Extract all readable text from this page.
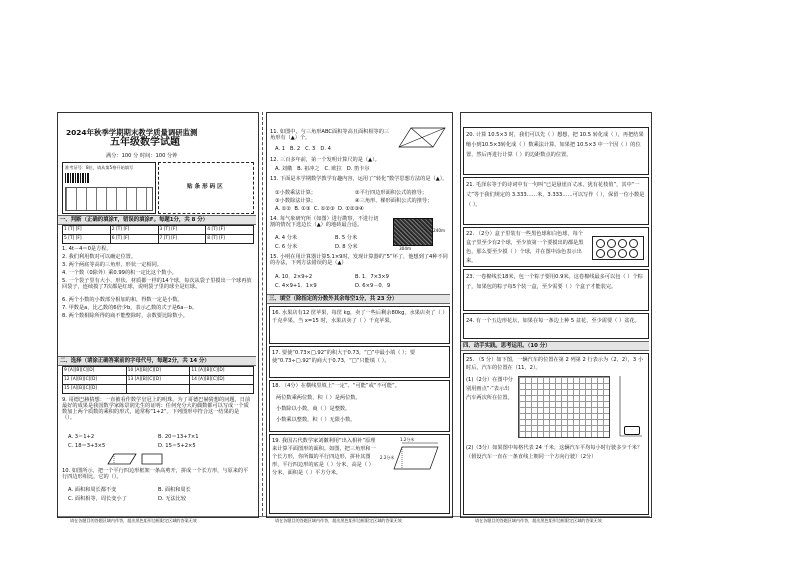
2024年秋季学期期末教学质量调研监测
五年级数学试题
满分：100 分 时间：100 分钟
准考证号：8位，请从第5格开始填写
贴 条 形 码 区
一、判断（正确的填涂T，错误的填涂F。每题1分，共 8 分）
1 [T] [F]	2 [T] [F]	3 [T] [F]	4 [T] [F]
5 [T] [F]	6 [T] [F]	7 [T] [F]	8 [T] [F]
1. 4t－4＝0是方程。
2. 我们利用数对可以确定位置。
3. 两个两底等高的三角形，形状一定相同。
4. 一个数（0除外）乘0.99的积一定比这个数小。
5. 一个袋子里有大小、形状、材质都一样的14个球，每次从袋子里摸出一个球再放回袋子，连续摸了7次都是红球，说明袋子里的球全是红球。
6. 两个小数的小数部分相加的和，得数一定是小数。
7. 甲数是a，比乙数的6倍少b，表示乙数的式子是6a－b。
8. 两个数相除所得的商不能整除时，余数要比除数小。
二、选择（请涂正确答案前的字母代号，每题2分，共 14 分）
9 [A][B][C][D]	10 [A][B][C][D]	11 [A][B][C][D]
12 [A][B][C][D]	13 [A][B][C][D]	14 [A][B][C][D]
15 [A][B][C][D]
9. 哥德巴赫猜想：一直被看作数学皇冠上的明珠。为了哥德巴赫猜想的问题，日前最好的成果是我国数学家陈景润先生的证明：任何充分大的偶数都可以写成一个质数加上两个质数的乘积的形式，通常称“1+2”。下列图形中符合这一结果的是（）。
A. 3＝1+2	B. 20＝13+7×1
C. 18＝3+3×5	D. 15＝5+2×5
10. 如图所示，把一个平行四边形框架一条高剪开，拼成一个长方形，与原来的平行四边形相比，它的（）。
A. 面积和周长都不变	B. 面积和周长
C. 面积相等，周长变小了	D. 无法比较
11. 如图中，与三角形ABC面积等高且面积相等的三角形有（▲）个。
A. 1 B. 2 C. 3 D. 4
12. 三百多年前，第一个发明计算尺的是（▲）。
A. 刘徽 B. 祖冲之 C. 欧拉 D. 笛卡尔
13. 下面是本学期数学教学有趣内容，运用了“转化”数学思想方法的是（▲）。
①小数乘法计算；	②平行四边形面积公式的推导；
③小数除法计算；	④三角形、梯形面积公式的推导；
A. ①② B. ①③ C. ①②③ D. ①②③④
14. 每气象研究所（如图）进行勘察，不进行切割的情况下选边长（▲）的地砖最合适。
304m
240m
A. 4 分米	B. 5 分米
C. 6 分米	D. 8 分米
15. 小明在用计算器计算5.1×9时，发现计算器的“5”坏了，他想到了4种不同的办法，下列方法错误的是（▲）
A. 10．2×9÷2	B. 1．7×3×9
C. 4×9+1．1×9	D. 6×9－0．9
三、填空（除指定的分数外其余每空1分，共 23 分）
16. 水果店有12 筐苹果，每筐 kg，卖了一些后剩余80kg，水果店卖了（ ）千克苹果。当 x=15 时，水果店卖了（ ）千克苹果。
17. 要使“0.73×□.92”的积大于0.73，“□”中最小填（ ）；要使“0.73÷□.92”的商大于0.73，“□”只能填（ ）。
18. （4分）在横线里填上“一定”、“可能”或“不可能”。
两位数乘两位数，积（ ）是两位数。
小数除以小数，商（ ）是整数。
小数乘以整数，积（ ）无限小数。
19. 我国古代数学家刘徽利用“出入相补”原理来计算平面图形的面积。如图，把三角形和一个长方形，你所做的平行四边形，拼补其图形，平行四边形的底是（ ）分米，高是（ ）分米，面积是（ ）平方分米。
1.2分米
2.2分米
20. 计算 10.5×3 时，我们可以先（ ）想想，把 10.5 转化成（ ），再把结果缩小到10.5×3转化成（ ）数乘法计算，如果把 10.5×3 中一个因（ ）的位置，然后再进行计算（ ）的边距数点的位置。
21. 毛泽东等于的诗词中有一句叫“已是悬崖百丈冰，犹有花枝俏”，其中“一丈”等于我们规定的 3.333……米，3.333……可以写作（ ），保留一位小数是（ ）。
22. （2分）盒子里装有一些黑色球和白色球，每个盒子里至少有2个球，至少放第一个要摸出的都是黑色，那么要至少摸（ ）个球，并在图中涂色表示出来。
23. 一卷棉线长18米，包一个粽子要用0.9米。这卷棉线最多可以包（ ）个粽子，如果包的粽子每5个装一盒，至少需要（ ）个盒子才能装完。
24. 有一个五边形花坛，如果在每一条边上种 5 盆花，至少需要（ ）盆花。
四、动手实践。思考运用。（10 分）
25. （5 分）如下图，一辆汽车的位置在第 2 列第 2 行表示为（2，2），3 小时后，汽车的位置在（11，2）。
(1)（2分）在图中分别用画点“·”表示出汽车两次所在位置。
(2)（3分）如果图中每格代表 24 千米，这辆汽车平均每小时行驶多少千米？（假设汽车一直在一条直线上朝同一个方向行驶）（2分）
请在各题目的答题区域内作答，超出黑色矩形边框限定区域的答案无效	请在各题目的答题区域内作答，超出黑色矩形边框限定区域的答案无效	请在各题目的答题区域内作答，超出黑色矩形边框限定区域的答案无效
